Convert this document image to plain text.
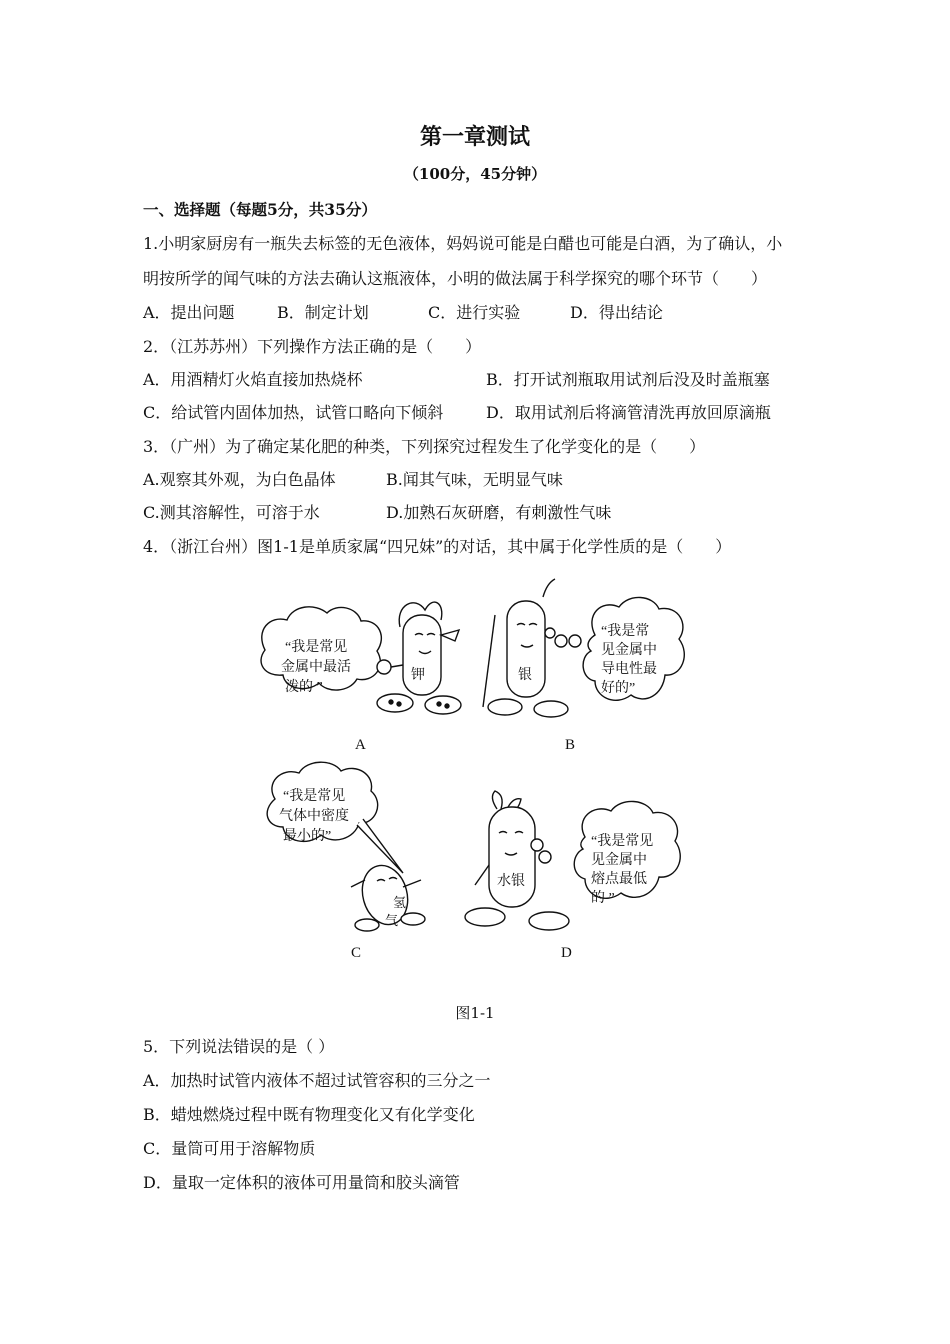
第一章测试
（100分，45分钟）
一、选择题（每题5分，共35分）
1.小明家厨房有一瓶失去标签的无色液体，妈妈说可能是白醋也可能是白酒，为了确认，小
明按所学的闻气味的方法去确认这瓶液体，小明的做法属于科学探究的哪个环节（　　）
A．提出问题	B．制定计划	C．进行实验	D．得出结论
2．（江苏苏州）下列操作方法正确的是（　　）
A．用酒精灯火焰直接加热烧杯	B．打开试剂瓶取用试剂后没及时盖瓶塞
C．给试管内固体加热，试管口略向下倾斜	D．取用试剂后将滴管清洗再放回原滴瓶
3．（广州）为了确定某化肥的种类，下列探究过程发生了化学变化的是（　　）
A.观察其外观，为白色晶体	B.闻其气味，无明显气味
C.测其溶解性，可溶于水	D.加熟石灰研磨，有刺激性气味
4．（浙江台州）图1-1是单质家属“四兄妹”的对话，其中属于化学性质的是（　　）
“我是常见
金属中最活
泼的 ”
钾
A
银
“我是常
见金属中
导电性最
好的”
B
“我是常见
气体中密度
最小的”
氢
气
C
水银
“我是常见
见金属中
熔点最低
的 ”
D
图1-1
5．下列说法错误的是（ ）
A．加热时试管内液体不超过试管容积的三分之一
B．蜡烛燃烧过程中既有物理变化又有化学变化
C．量筒可用于溶解物质
D．量取一定体积的液体可用量筒和胶头滴管
